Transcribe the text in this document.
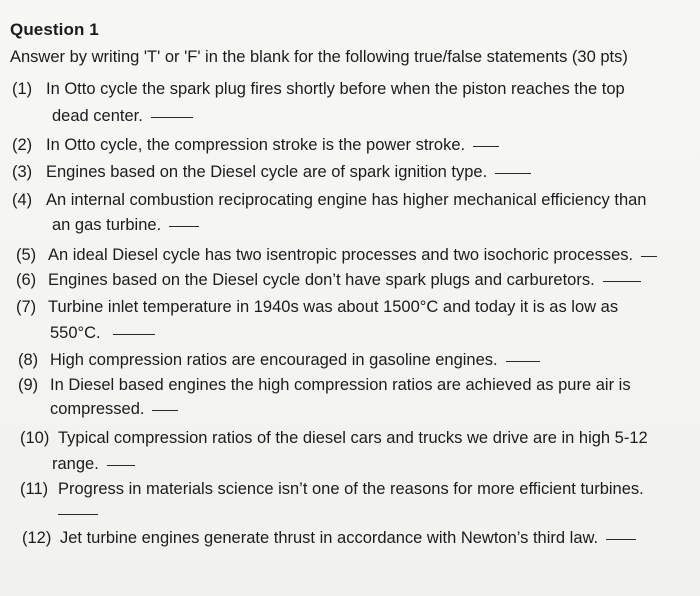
Question 1
Answer by writing 'T' or 'F' in the blank for the following true/false statements (30 pts)
(1) In Otto cycle the spark plug fires shortly before when the piston reaches the top
dead center.
(2) In Otto cycle, the compression stroke is the power stroke.
(3) Engines based on the Diesel cycle are of spark ignition type.
(4) An internal combustion reciprocating engine has higher mechanical efficiency than
an gas turbine.
(5) An ideal Diesel cycle has two isentropic processes and two isochoric processes.
(6) Engines based on the Diesel cycle don’t have spark plugs and carburetors.
(7) Turbine inlet temperature in 1940s was about 1500°C and today it is as low as
550°C.
(8) High compression ratios are encouraged in gasoline engines.
(9) In Diesel based engines the high compression ratios are achieved as pure air is
compressed.
(10) Typical compression ratios of the diesel cars and trucks we drive are in high 5-12
range.
(11) Progress in materials science isn’t one of the reasons for more efficient turbines.
(12) Jet turbine engines generate thrust in accordance with Newton’s third law.
